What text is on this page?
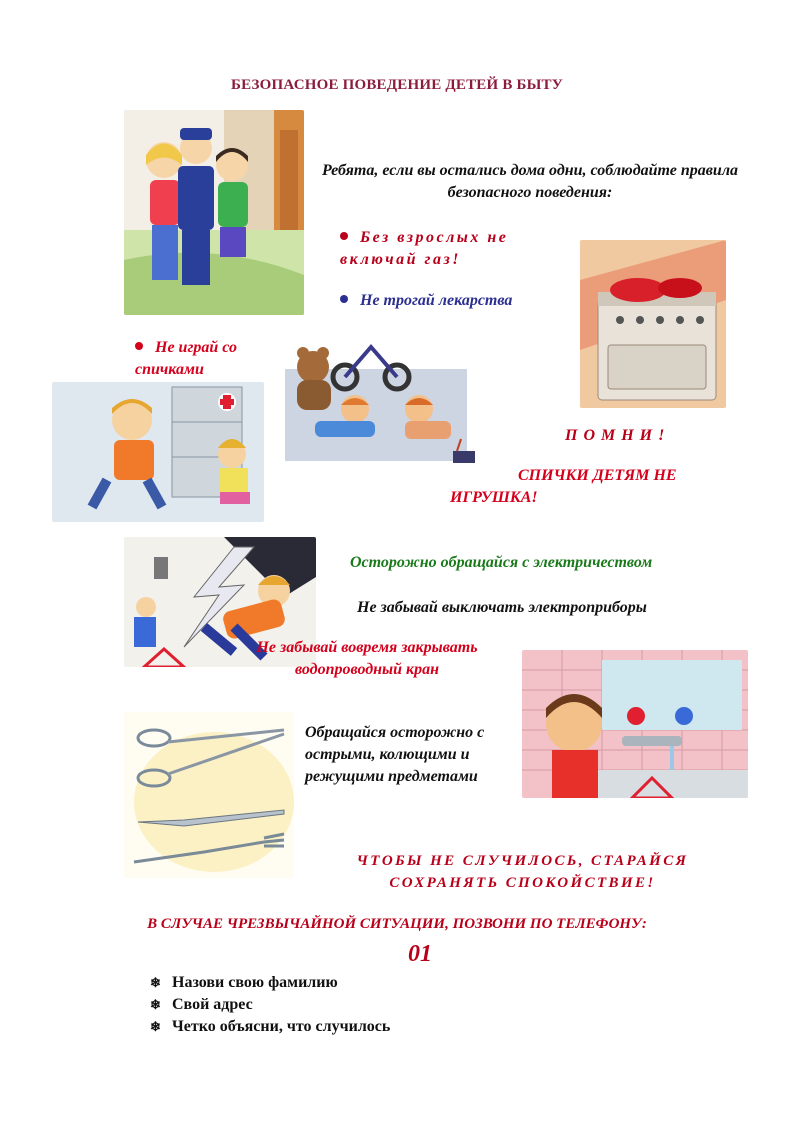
БЕЗОПАСНОЕ ПОВЕДЕНИЕ ДЕТЕЙ В БЫТУ
Ребята, если вы остались дома одни, соблюдайте правила безопасного поведения:
Без взрослых не включай газ!
Не трогай лекарства
Не играй со спичками
П О М Н И !
СПИЧКИ ДЕТЯМ НЕ ИГРУШКА!
Осторожно обращайся с электричеством
Не забывай выключать электроприборы
Не забывай вовремя закрывать водопроводный кран
Обращайся осторожно с острыми, колющими и режущими предметами
ЧТОБЫ НЕ СЛУЧИЛОСЬ, СТАРАЙСЯ СОХРАНЯТЬ СПОКОЙСТВИЕ!
В СЛУЧАЕ ЧРЕЗВЫЧАЙНОЙ СИТУАЦИИ, ПОЗВОНИ ПО ТЕЛЕФОНУ:
01
❄ Назови свою фамилию
❄ Свой адрес
❄ Четко объясни, что случилось
